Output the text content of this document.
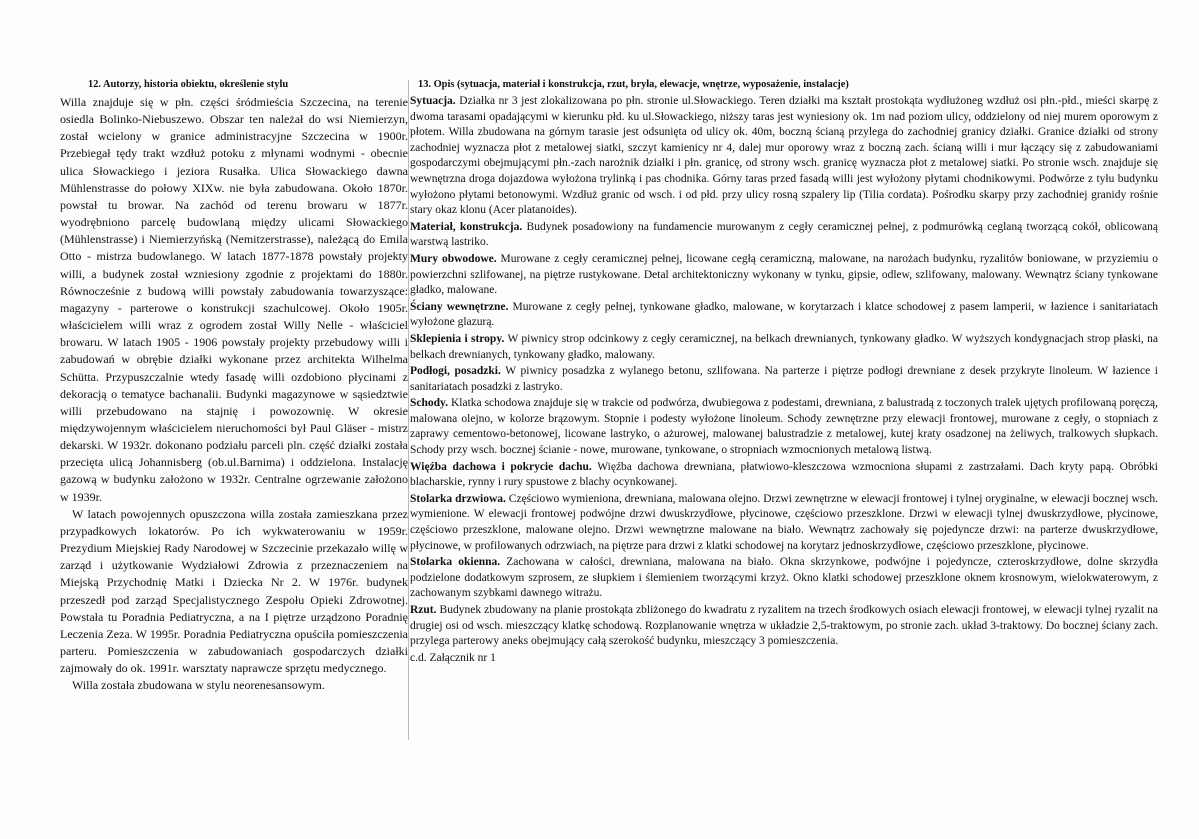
12. Autorzy, historia obiektu, określenie stylu

Willa znajduje się w płn. części śródmieścia Szczecina, na terenie osiedla Bolinko-Niebuszewo. Obszar ten należał do wsi Niemierzyn, został wcielony w granice administracyjne Szczecina w 1900r. Przebiegał tędy trakt wzdłuż potoku z młynami wodnymi - obecnie ulica Słowackiego i jeziora Rusałka. Ulica Słowackiego dawna Mühlenstrasse do połowy XIXw. nie była zabudowana. Około 1870r. powstał tu browar. Na zachód od terenu browaru w 1877r. wyodrębniono parcelę budowlaną między ulicami Słowackiego (Mühlenstrasse) i Niemierzyńską (Nemitzerstrasse), należącą do Emila Otto - mistrza budowlanego. W latach 1877-1878 powstały projekty willi, a budynek został wzniesiony zgodnie z projektami do 1880r. Równocześnie z budową willi powstały zabudowania towarzyszące: magazyny - parterowe o konstrukcji szachulcowej. Około 1905r. właścicielem willi wraz z ogrodem został Willy Nelle - właściciel browaru. W latach 1905 - 1906 powstały projekty przebudowy willi i zabudowań w obrębie działki wykonane przez architekta Wilhelma Schütta. Przypuszczalnie wtedy fasadę willi ozdobiono płycinami z dekoracją o tematyce bachanalii. Budynki magazynowe w sąsiedztwie willi przebudowano na stajnię i powozownię. W okresie międzywojennym właścicielem nieruchomości był Paul Gläser - mistrz dekarski. W 1932r. dokonano podziału parceli pln. część działki została przecięta ulicą Johannisberg (ob.ul.Barnima) i oddzielona. Instalację gazową w budynku założono w 1932r. Centralne ogrzewanie założono w 1939r.

W latach powojennych opuszczona willa została zamieszkana przez przypadkowych lokatorów. Po ich wykwaterowaniu w 1959r. Prezydium Miejskiej Rady Narodowej w Szczecinie przekazało willę w zarząd i użytkowanie Wydziałowi Zdrowia z przeznaczeniem na Miejską Przychodnię Matki i Dziecka Nr 2. W 1976r. budynek przeszedł pod zarząd Specjalistycznego Zespołu Opieki Zdrowotnej. Powstała tu Poradnia Pediatryczna, a na I piętrze urządzono Poradnię Leczenia Zeza. W 1995r. Poradnia Pediatryczna opuściła pomieszczenia parteru. Pomieszczenia w zabudowaniach gospodarczych działki zajmowały do ok. 1991r. warsztaty naprawcze sprzętu medycznego.

Willa została zbudowana w stylu neorenesansowym.

13. Opis (sytuacja, materiał i konstrukcja, rzut, bryła, elewacje, wnętrze, wyposażenie, instalacje)

Sytuacja. Działka nr 3 jest zlokalizowana po płn. stronie ul.Słowackiego. Teren działki ma kształt prostokąta wydłużoneg wzdłuż osi płn.-płd., mieści skarpę z dwoma tarasami opadającymi w kierunku płd. ku ul.Słowackiego, niższy taras jest wyniesiony ok. 1m nad poziom ulicy, oddzielony od niej murem oporowym z płotem. Willa zbudowana na górnym tarasie jest odsunięta od ulicy ok. 40m, boczną ścianą przylega do zachodniej granicy działki. Granice działki od strony zachodniej wyznacza płot z metalowej siatki, szczyt kamienicy nr 4, dalej mur oporowy wraz z boczną zach. ścianą willi i mur łączący się z zabudowaniami gospodarczymi obejmującymi płn.-zach narożnik działki i płn. granicę, od strony wsch. granicę wyznacza płot z metalowej siatki. Po stronie wsch. znajduje się wewnętrzna droga dojazdowa wyłożona trylinką i pas chodnika. Górny taras przed fasadą willi jest wyłożony płytami chodnikowymi. Podwórze z tyłu budynku wyłożono płytami betonowymi. Wzdłuż granic od wsch. i od płd. przy ulicy rosną szpalery lip (Tilia cordata). Pośrodku skarpy przy zachodniej granidy rośnie stary okaz klonu (Acer platanoides).

Materiał, konstrukcja. Budynek posadowiony na fundamencie murowanym z cegły ceramicznej pełnej, z podmurówką ceglaną tworzącą cokół, oblicowaną warstwą lastriko.

Mury obwodowe. Murowane z cegły ceramicznej pełnej, licowane cegłą ceramiczną, malowane, na narożach budynku, ryzalitów boniowane, w przyziemiu o powierzchni szlifowanej, na piętrze rustykowane. Detal architektoniczny wykonany w tynku, gipsie, odlew, szlifowany, malowany. Wewnątrz ściany tynkowane gładko, malowane.

Ściany wewnętrzne. Murowane z cegły pełnej, tynkowane gładko, malowane, w korytarzach i klatce schodowej z pasem lamperii, w łazience i sanitariatach wyłożone glazurą.

Sklepienia i stropy. W piwnicy strop odcinkowy z cegły ceramicznej, na belkach drewnianych, tynkowany gładko. W wyższych kondygnacjach strop płaski, na belkach drewnianych, tynkowany gładko, malowany.

Podłogi, posadzki. W piwnicy posadzka z wylanego betonu, szlifowana. Na parterze i piętrze podłogi drewniane z desek przykryte linoleum. W łazience i sanitariatach posadzki z lastryko.

Schody. Klatka schodowa znajduje się w trakcie od podwórza, dwubiegowa z podestami, drewniana, z balustradą z toczonych tralek ujętych profilowaną poręczą, malowana olejno, w kolorze brązowym. Stopnie i podesty wyłożone linoleum. Schody zewnętrzne przy elewacji frontowej, murowane z cegły, o stopniach z zaprawy cementowo-betonowej, licowane lastryko, o ażurowej, malowanej balustradzie z metalowej, kutej kraty osadzonej na żeliwych, tralkowych słupkach. Schody przy wsch. bocznej ścianie - nowe, murowane, tynkowane, o stropniach wzmocnionych metalową listwą.

Więźba dachowa i pokrycie dachu. Więźba dachowa drewniana, płatwiowo-kleszczowa wzmocniona słupami z zastrzałami. Dach kryty papą. Obróbki blacharskie, rynny i rury spustowe z blachy ocynkowanej.

Stolarka drzwiowa. Częściowo wymieniona, drewniana, malowana olejno. Drzwi zewnętrzne w elewacji frontowej i tylnej oryginalne, w elewacji bocznej wsch. wymienione. W elewacji frontowej podwójne drzwi dwuskrzydłowe, płycinowe, częściowo przeszklone. Drzwi w elewacji tylnej dwuskrzydłowe, płycinowe, częściowo przeszklone, malowane olejno. Drzwi wewnętrzne malowane na biało. Wewnątrz zachowały się pojedyncze drzwi: na parterze dwuskrzydłowe, płycinowe, w profilowanych odrzwiach, na piętrze para drzwi z klatki schodowej na korytarz jednoskrzydłowe, częściowo przeszklone, płycinowe.

Stolarka okienna. Zachowana w całości, drewniana, malowana na biało. Okna skrzynkowe, podwójne i pojedyncze, czteroskrzydłowe, dolne skrzydła podzielone dodatkowym szprosem, ze słupkiem i ślemieniem tworzącymi krzyż. Okno klatki schodowej przeszklone oknem krosnowym, wielokwaterowym, z zachowanym szybkami dawnego witrażu.

Rzut. Budynek zbudowany na planie prostokąta zbliżonego do kwadratu z ryzalitem na trzech środkowych osiach elewacji frontowej, w elewacji tylnej ryzalit na drugiej osi od wsch. mieszczący klatkę schodową. Rozplanowanie wnętrza w układzie 2,5-traktowym, po stronie zach. układ 3-traktowy. Do bocznej ściany zach. przylega parterowy aneks obejmujący całą szerokość budynku, mieszczący 3 pomieszczenia.

c.d. Załącznik nr 1
